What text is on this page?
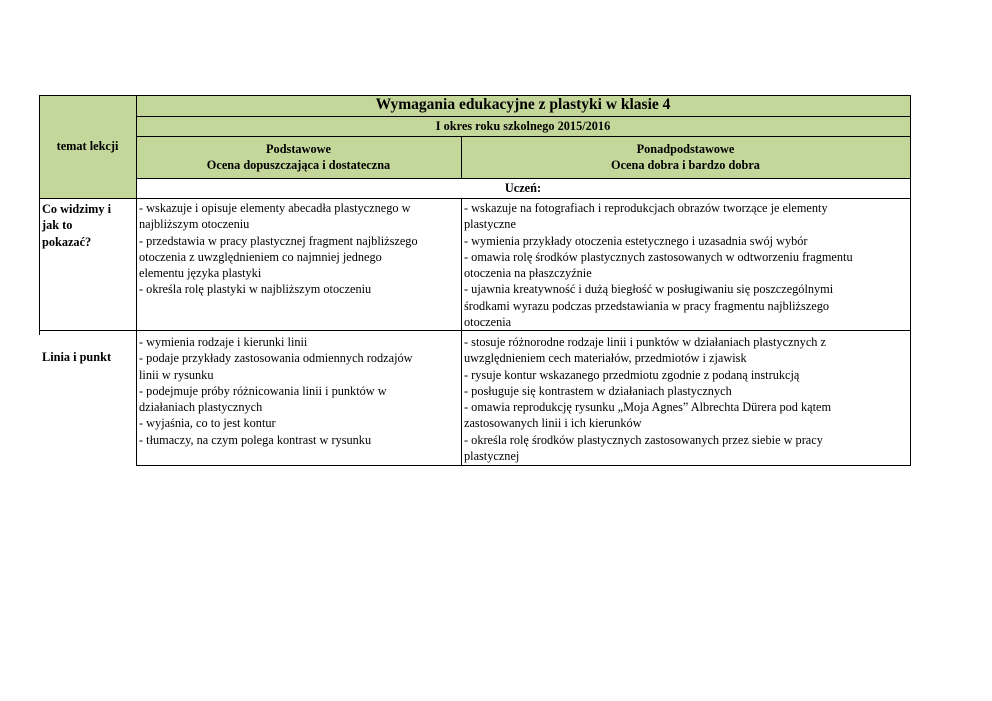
temat lekcji
Wymagania edukacyjne z plastyki w klasie 4
I okres roku szkolnego 2015/2016
Podstawowe
Ocena dopuszczająca i dostateczna
Ponadpodstawowe
Ocena dobra i bardzo dobra
Uczeń:
Co widzimy i
jak to
pokazać?
- wskazuje i opisuje elementy abecadła plastycznego w
najbliższym otoczeniu
- przedstawia w pracy plastycznej fragment najbliższego
otoczenia z uwzględnieniem co najmniej jednego
elementu języka plastyki
- określa rolę plastyki w najbliższym otoczeniu
- wskazuje na fotografiach i reprodukcjach obrazów tworzące je elementy
plastyczne
- wymienia przykłady otoczenia estetycznego i uzasadnia swój wybór
- omawia rolę środków plastycznych zastosowanych w odtworzeniu fragmentu
otoczenia na płaszczyźnie
- ujawnia kreatywność i dużą biegłość w posługiwaniu się poszczególnymi
środkami wyrazu podczas przedstawiania w pracy fragmentu najbliższego
otoczenia
Linia i punkt
- wymienia rodzaje i kierunki linii
- podaje przykłady zastosowania odmiennych rodzajów
linii w rysunku
- podejmuje próby różnicowania linii i punktów w
działaniach plastycznych
- wyjaśnia, co to jest kontur
- tłumaczy, na czym polega kontrast w rysunku
- stosuje różnorodne rodzaje linii i punktów w działaniach plastycznych z
uwzględnieniem cech materiałów, przedmiotów i zjawisk
- rysuje kontur wskazanego przedmiotu zgodnie z podaną instrukcją
- posługuje się kontrastem w działaniach plastycznych
- omawia reprodukcję rysunku „Moja Agnes” Albrechta Dürera pod kątem
zastosowanych linii i ich kierunków
- określa rolę środków plastycznych zastosowanych przez siebie w pracy
plastycznej
